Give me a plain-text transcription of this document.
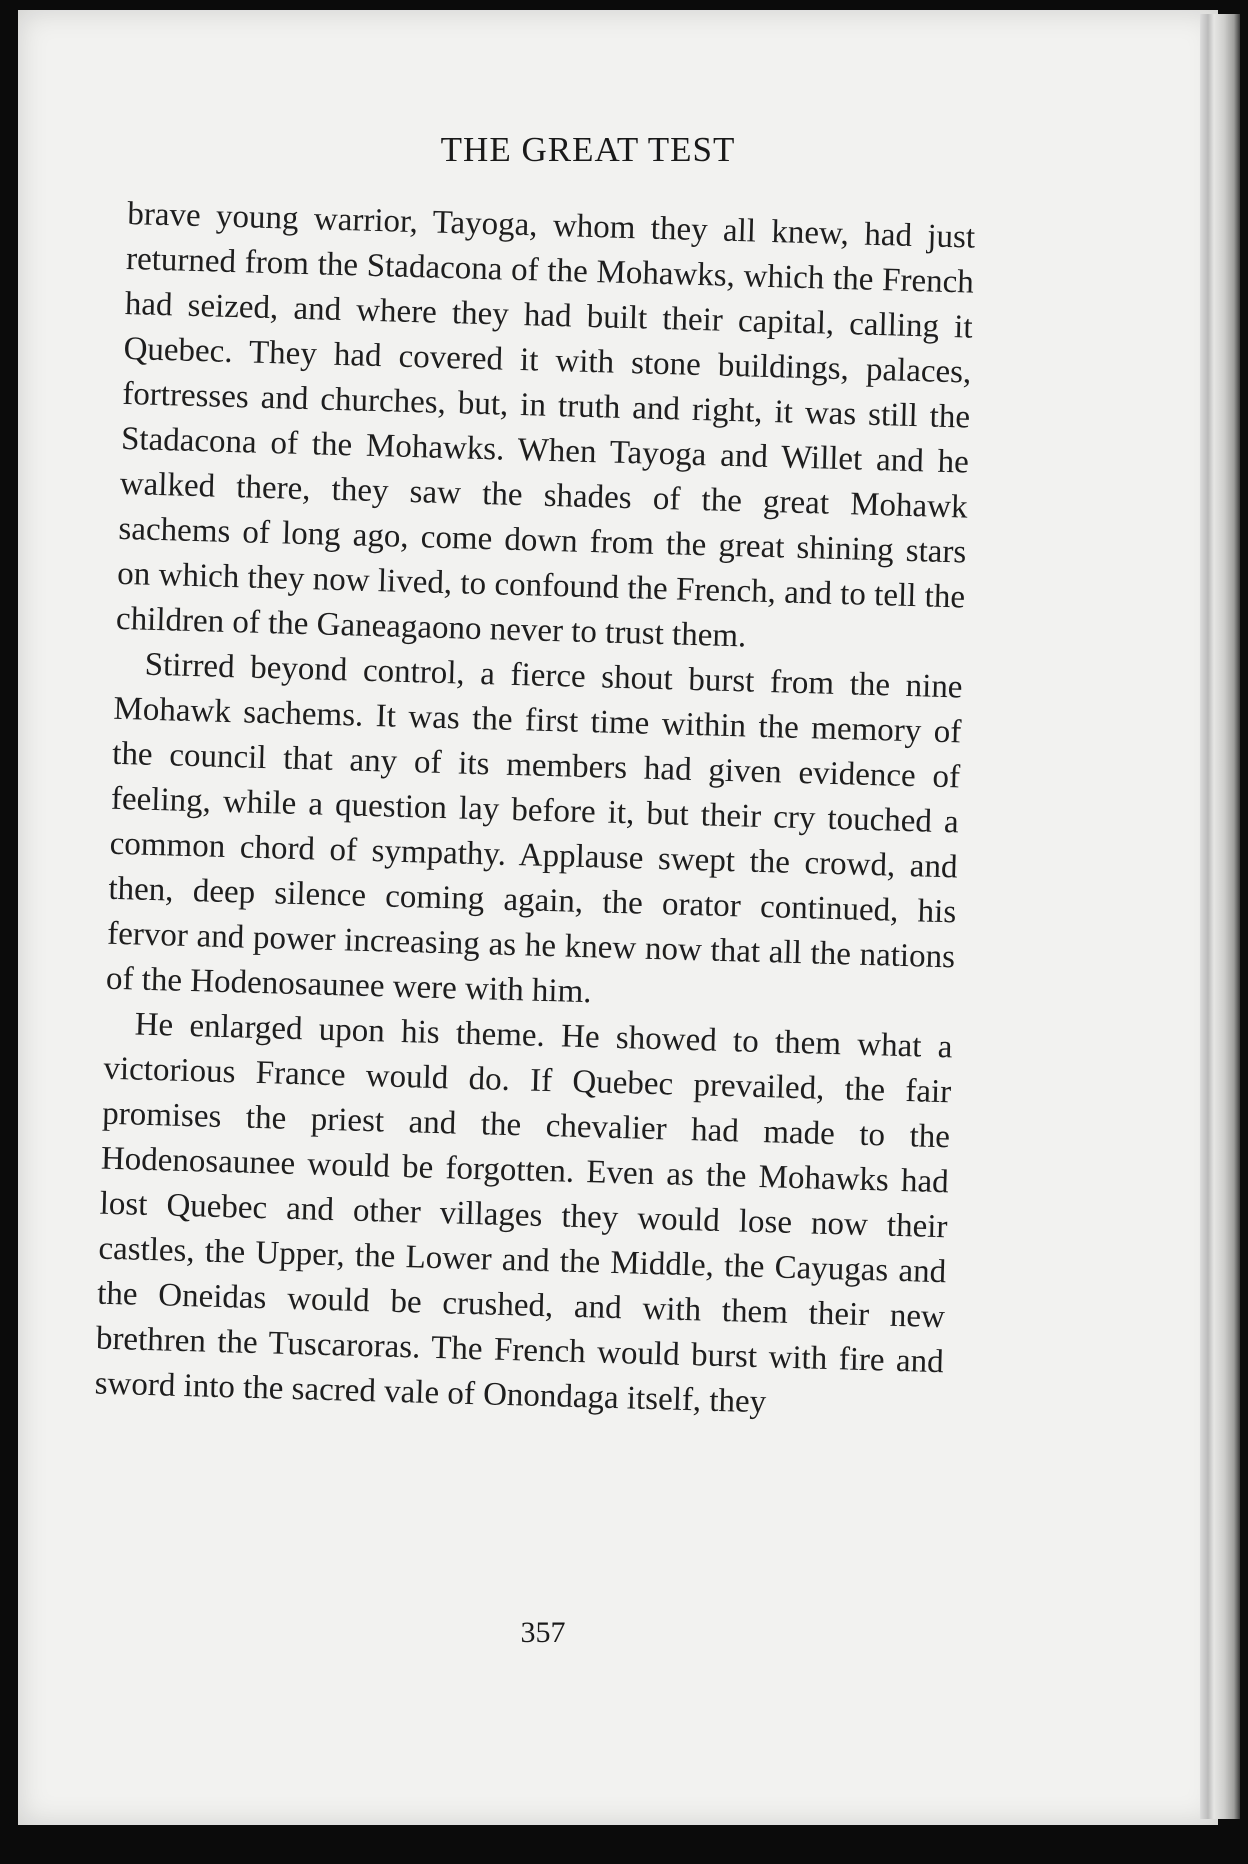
THE GREAT TEST

brave young warrior, Tayoga, whom they all knew, had just returned from the Stadacona of the Mohawks, which the French had seized, and where they had built their capital, calling it Quebec. They had covered it with stone buildings, palaces, fortresses and churches, but, in truth and right, it was still the Stadacona of the Mohawks. When Tayoga and Willet and he walked there, they saw the shades of the great Mohawk sachems of long ago, come down from the great shining stars on which they now lived, to confound the French, and to tell the children of the Ganeagaono never to trust them.

Stirred beyond control, a fierce shout burst from the nine Mohawk sachems. It was the first time within the memory of the council that any of its members had given evidence of feeling, while a question lay before it, but their cry touched a common chord of sympathy. Applause swept the crowd, and then, deep silence coming again, the orator continued, his fervor and power increasing as he knew now that all the nations of the Hodenosaunee were with him.

He enlarged upon his theme. He showed to them what a victorious France would do. If Quebec prevailed, the fair promises the priest and the chevalier had made to the Hodenosaunee would be forgotten. Even as the Mohawks had lost Quebec and other villages they would lose now their castles, the Upper, the Lower and the Middle, the Cayugas and the Oneidas would be crushed, and with them their new brethren the Tuscaroras. The French would burst with fire and sword into the sacred vale of Onondaga itself, they

357
